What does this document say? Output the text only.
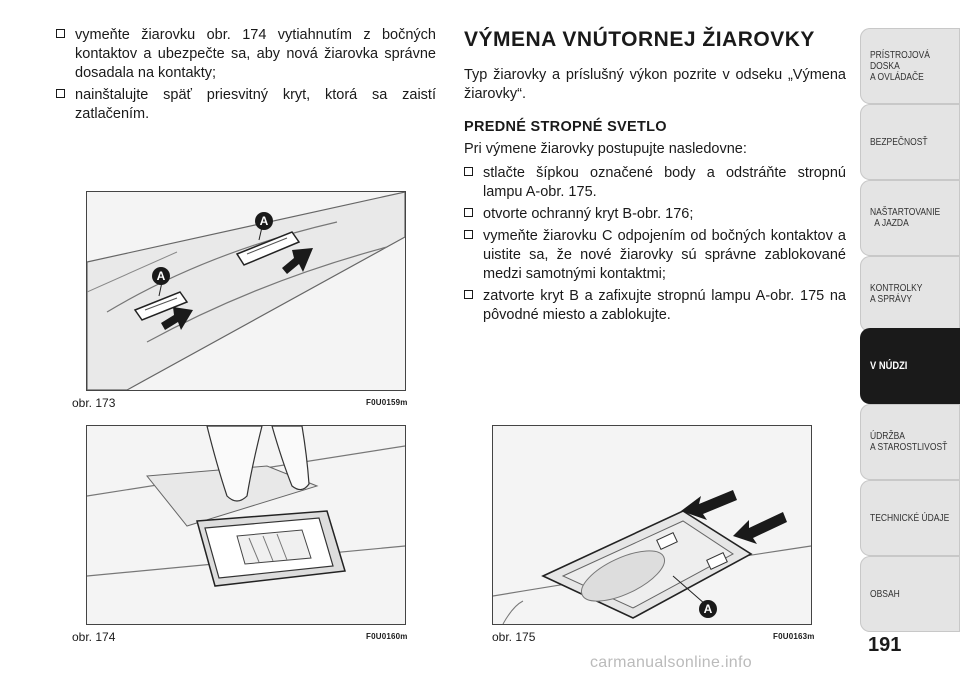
vymeňte žiarovku obr. 174 vytiahnutím z bočných kontaktov a ubezpečte sa, aby nová žiarovka správne dosadala na kontakty;
nainštalujte späť priesvitný kryt, ktorá sa zaistí zatlačením.
VÝMENA VNÚTORNEJ ŽIAROVKY

Typ žiarovky a príslušný výkon pozrite v odseku „Výmena žiarovky“.

PREDNÉ STROPNÉ SVETLO

Pri výmene žiarovky postupujte nasledovne:

stlačte šípkou označené body a odstráňte stropnú lampu A-obr. 175.
otvorte ochranný kryt B-obr. 176;
vymeňte žiarovku C odpojením od bočných kontaktov a uistite sa, že nové žiarovky sú správne zablokované medzi samotnými kontaktmi;
zatvorte kryt B a zafixujte stropnú lampu A-obr. 175 na pôvodné miesto a zablokujte.
A
A
obr. 173	F0U0159m
obr. 174	F0U0160m
A
obr. 175	F0U0163m
PRÍSTROJOVÁ
DOSKA
A OVLÁDAČE
BEZPEČNOSŤ
NAŠTARTOVANIE
A JAZDA
KONTROLKY
A SPRÁVY
V NÚDZI
ÚDRŽBA
A STAROSTLIVOSŤ
TECHNICKÉ ÚDAJE
OBSAH
191
carmanualsonline.info
